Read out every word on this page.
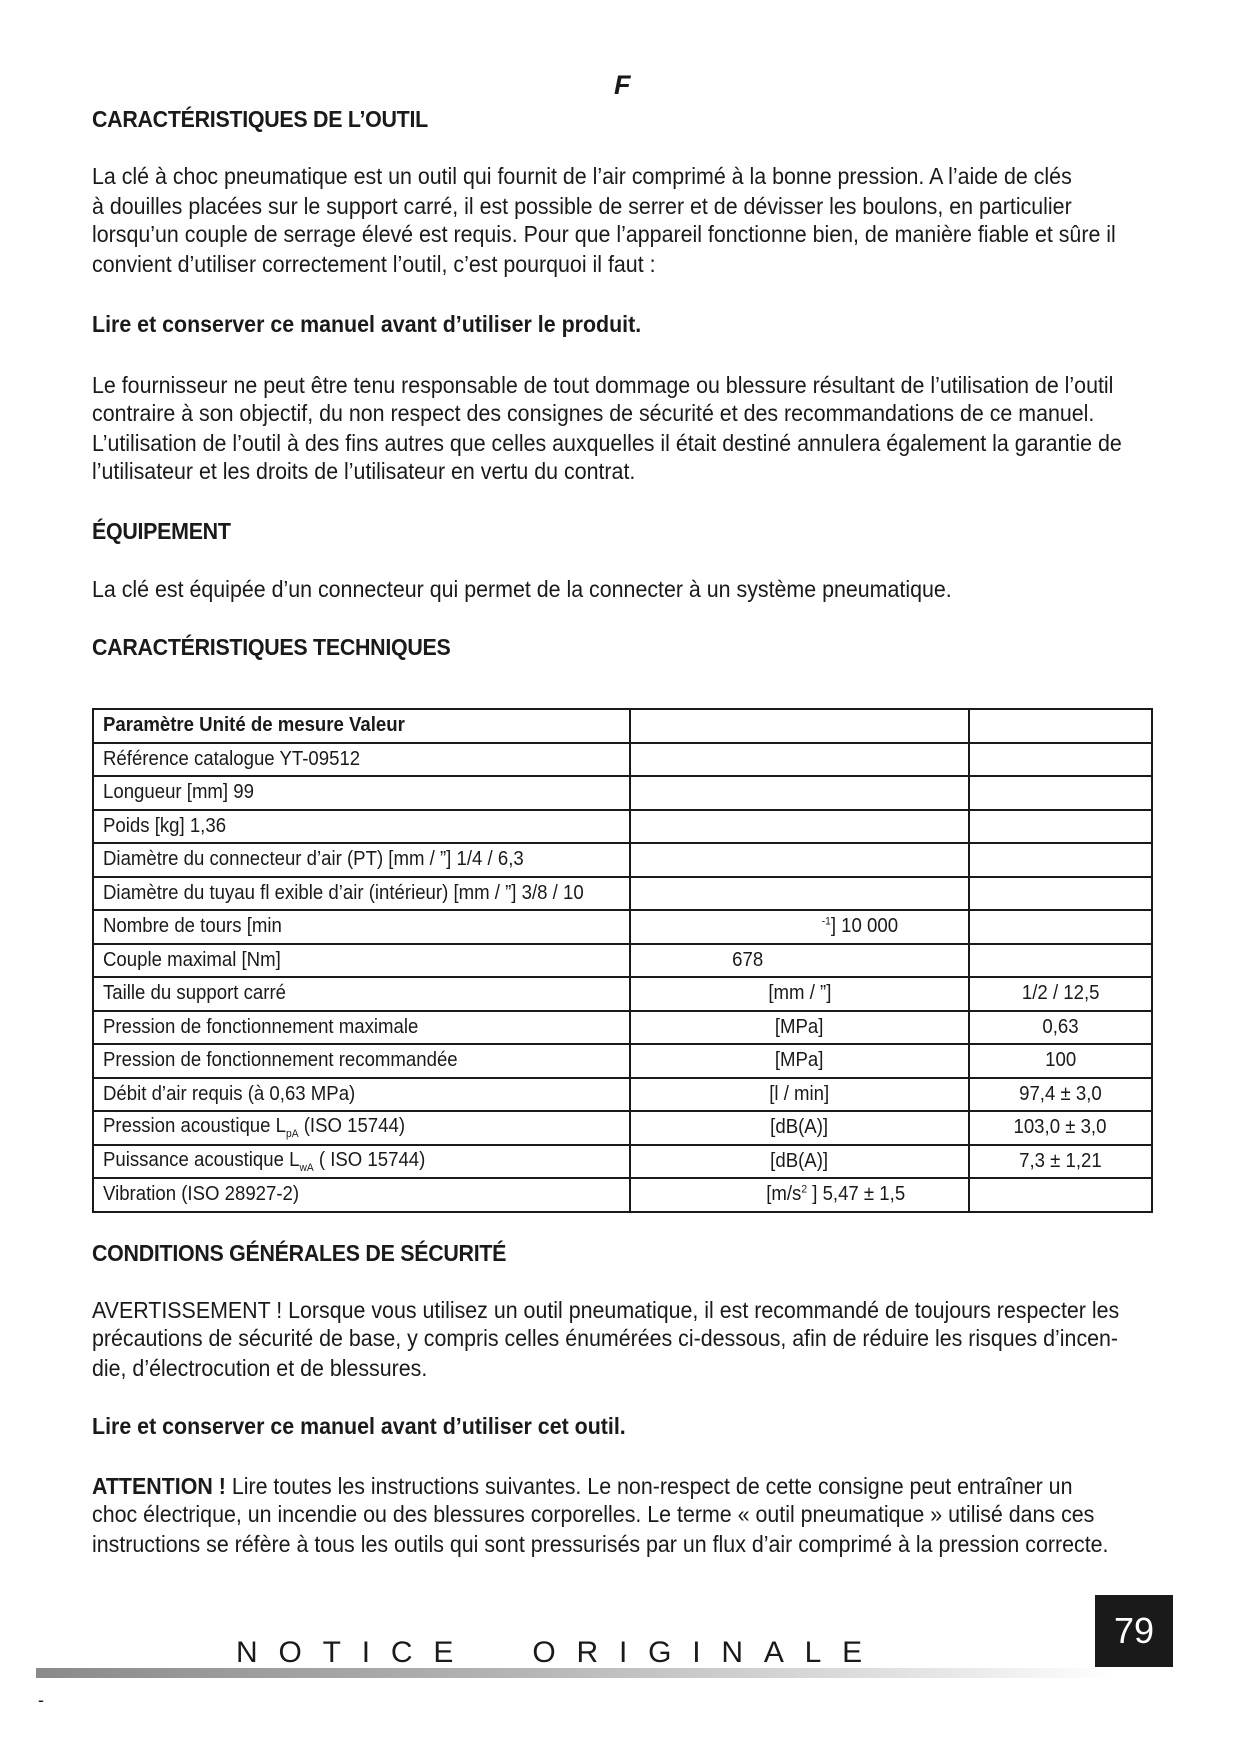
F
CARACTÉRISTIQUES DE L’OUTIL
La clé à choc pneumatique est un outil qui fournit de l’air comprimé à la bonne pression. A l’aide de clés
à douilles placées sur le support carré, il est possible de serrer et de dévisser les boulons, en particulier
lorsqu’un couple de serrage élevé est requis. Pour que l’appareil fonctionne bien, de manière fiable et sûre il
convient d’utiliser correctement l’outil, c’est pourquoi il faut :
Lire et conserver ce manuel avant d’utiliser le produit.
Le fournisseur ne peut être tenu responsable de tout dommage ou blessure résultant de l’utilisation de l’outil
contraire à son objectif, du non respect des consignes de sécurité et des recommandations de ce manuel.
L’utilisation de l’outil à des fins autres que celles auxquelles il était destiné annulera également la garantie de
l’utilisateur et les droits de l’utilisateur en vertu du contrat.
ÉQUIPEMENT
La clé est équipée d’un connecteur qui permet de la connecter à un système pneumatique.
CARACTÉRISTIQUES TECHNIQUES
Paramètre Unité de mesure Valeur		
Référence catalogue YT-09512		
Longueur [mm] 99		
Poids [kg] 1,36		
Diamètre du connecteur d’air (PT) [mm / ”] 1/4 / 6,3		
Diamètre du tuyau fl exible d’air (intérieur) [mm / ”] 3/8 / 10		
Nombre de tours [min	$^{-1}$] 10 000	
Couple maximal [Nm]	678	
Taille du support carré	[mm / ”]	1/2 / 12,5
Pression de fonctionnement maximale	[MPa]	0,63
Pression de fonctionnement recommandée	[MPa]	100
Débit d’air requis (à 0,63 MPa)	[l / min]	97,4 ± 3,0
Pression acoustique $L_{pA}$ (ISO 15744)	[dB(A)]	103,0 ± 3,0
Puissance acoustique $L_{wA}$ ( ISO 15744)	[dB(A)]	7,3 ± 1,21
Vibration (ISO 28927-2)	[$m/s^2$ ] 5,47 ± 1,5	
CONDITIONS GÉNÉRALES DE SÉCURITÉ
AVERTISSEMENT ! Lorsque vous utilisez un outil pneumatique, il est recommandé de toujours respecter les
précautions de sécurité de base, y compris celles énumérées ci-dessous, afin de réduire les risques d’incen-
die, d’électrocution et de blessures.
Lire et conserver ce manuel avant d’utiliser cet outil.
ATTENTION ! Lire toutes les instructions suivantes. Le non-respect de cette consigne peut entraîner un
choc électrique, un incendie ou des blessures corporelles. Le terme « outil pneumatique » utilisé dans ces
instructions se réfère à tous les outils qui sont pressurisés par un flux d’air comprimé à la pression correcte.
NOTICE  ORIGINALE
79
-
